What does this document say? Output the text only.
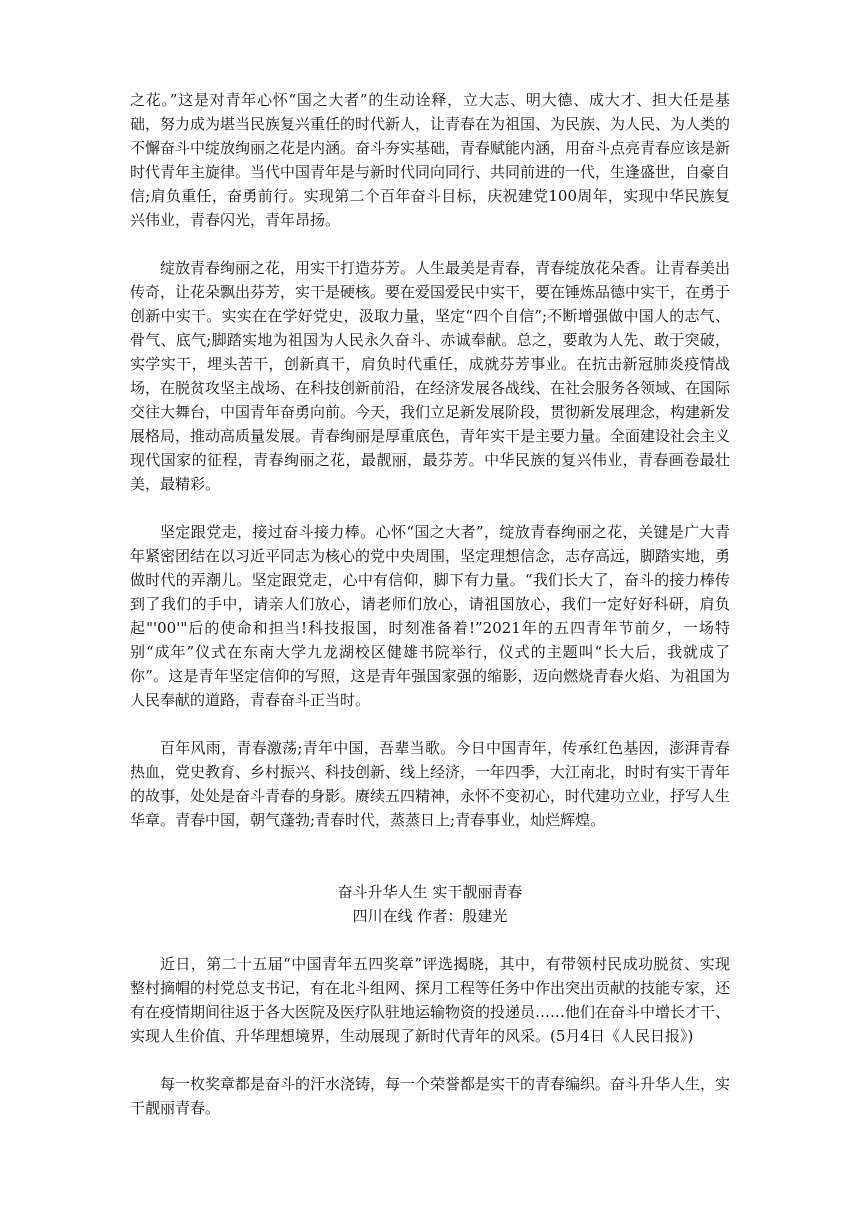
之花。”这是对青年心怀“国之大者”的生动诠释，立大志、明大德、成大才、担大任是基础，努力成为堪当民族复兴重任的时代新人，让青春在为祖国、为民族、为人民、为人类的不懈奋斗中绽放绚丽之花是内涵。奋斗夯实基础，青春赋能内涵，用奋斗点亮青春应该是新时代青年主旋律。当代中国青年是与新时代同向同行、共同前进的一代，生逢盛世，自豪自信;肩负重任，奋勇前行。实现第二个百年奋斗目标，庆祝建党100周年，实现中华民族复兴伟业，青春闪光，青年昂扬。

绽放青春绚丽之花，用实干打造芬芳。人生最美是青春，青春绽放花朵香。让青春美出传奇，让花朵飘出芬芳，实干是硬核。要在爱国爱民中实干，要在锤炼品德中实干，在勇于创新中实干。实实在在学好党史，汲取力量，坚定“四个自信”;不断增强做中国人的志气、骨气、底气;脚踏实地为祖国为人民永久奋斗、赤诚奉献。总之，要敢为人先、敢于突破，实学实干，埋头苦干，创新真干，肩负时代重任，成就芬芳事业。在抗击新冠肺炎疫情战场，在脱贫攻坚主战场、在科技创新前沿，在经济发展各战线、在社会服务各领域、在国际交往大舞台，中国青年奋勇向前。今天，我们立足新发展阶段，贯彻新发展理念，构建新发展格局，推动高质量发展。青春绚丽是厚重底色，青年实干是主要力量。全面建设社会主义现代国家的征程，青春绚丽之花，最靓丽，最芬芳。中华民族的复兴伟业，青春画卷最壮美，最精彩。

坚定跟党走，接过奋斗接力棒。心怀“国之大者”，绽放青春绚丽之花，关键是广大青年紧密团结在以习近平同志为核心的党中央周围，坚定理想信念，志存高远，脚踏实地，勇做时代的弄潮儿。坚定跟党走，心中有信仰，脚下有力量。“我们长大了，奋斗的接力棒传到了我们的手中，请亲人们放心，请老师们放心，请祖国放心，我们一定好好科研，肩负起"'00'"后的使命和担当!科技报国，时刻准备着!”2021年的五四青年节前夕，一场特别“成年”仪式在东南大学九龙湖校区健雄书院举行，仪式的主题叫“长大后，我就成了你”。这是青年坚定信仰的写照，这是青年强国家强的缩影，迈向燃烧青春火焰、为祖国为人民奉献的道路，青春奋斗正当时。

百年风雨，青春激荡;青年中国，吾辈当歌。今日中国青年，传承红色基因，澎湃青春热血，党史教育、乡村振兴、科技创新、线上经济，一年四季，大江南北，时时有实干青年的故事，处处是奋斗青春的身影。赓续五四精神，永怀不变初心，时代建功立业，抒写人生华章。青春中国，朝气蓬勃;青春时代，蒸蒸日上;青春事业，灿烂辉煌。

奋斗升华人生 实干靓丽青春

四川在线 作者：殷建光

近日，第二十五届“中国青年五四奖章”评选揭晓，其中，有带领村民成功脱贫、实现整村摘帽的村党总支书记，有在北斗组网、探月工程等任务中作出突出贡献的技能专家，还有在疫情期间往返于各大医院及医疗队驻地运输物资的投递员……他们在奋斗中增长才干、实现人生价值、升华理想境界，生动展现了新时代青年的风采。(5月4日《人民日报》)

每一枚奖章都是奋斗的汗水浇铸，每一个荣誉都是实干的青春编织。奋斗升华人生，实干靓丽青春。
